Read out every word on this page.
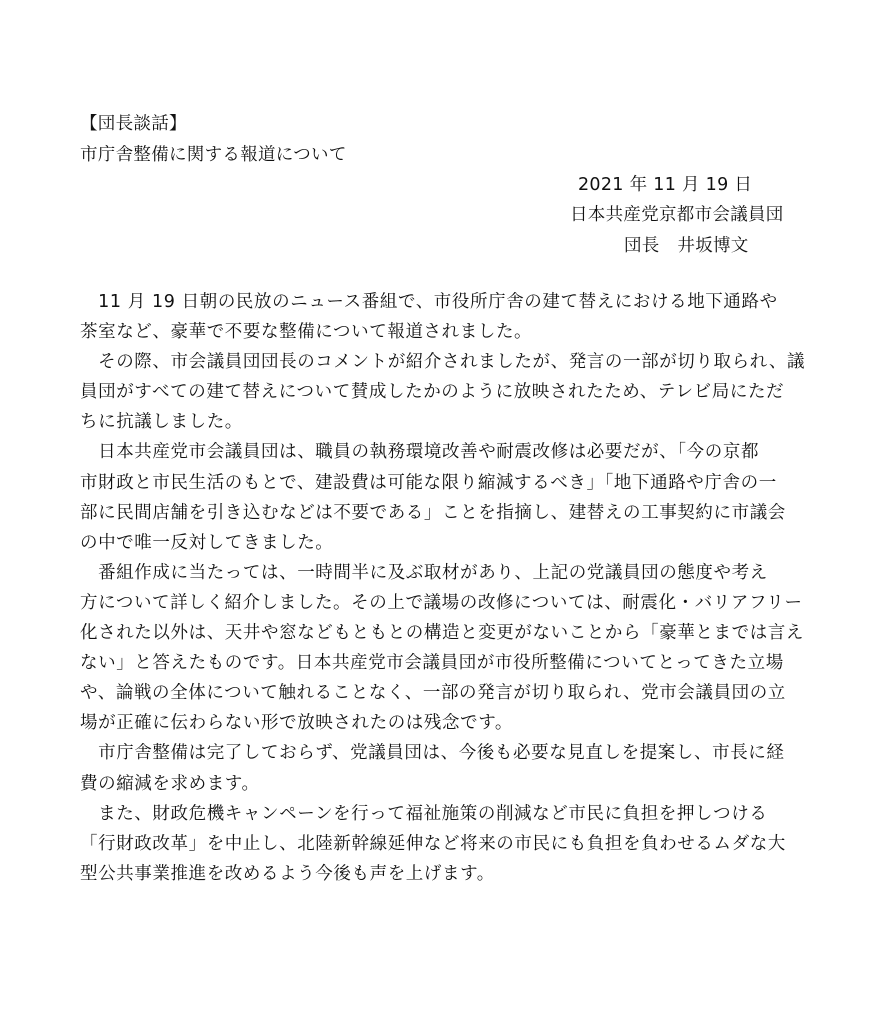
【団長談話】
市庁舎整備に関する報道について
2021 年 11 月 19 日
日本共産党京都市会議員団
団長　井坂博文
　11 月 19 日朝の民放のニュース番組で、市役所庁舎の建て替えにおける地下通路や
茶室など、豪華で不要な整備について報道されました。
　その際、市会議員団団長のコメントが紹介されましたが、発言の一部が切り取られ、議
員団がすべての建て替えについて賛成したかのように放映されたため、テレビ局にただ
ちに抗議しました。
　日本共産党市会議員団は、職員の執務環境改善や耐震改修は必要だが、「今の京都
市財政と市民生活のもとで、建設費は可能な限り縮減するべき」「地下通路や庁舎の一
部に民間店舗を引き込むなどは不要である」ことを指摘し、建替えの工事契約に市議会
の中で唯一反対してきました。
　番組作成に当たっては、一時間半に及ぶ取材があり、上記の党議員団の態度や考え
方について詳しく紹介しました。その上で議場の改修については、耐震化・バリアフリー
化された以外は、天井や窓などもともとの構造と変更がないことから「豪華とまでは言え
ない」と答えたものです。日本共産党市会議員団が市役所整備についてとってきた立場
や、論戦の全体について触れることなく、一部の発言が切り取られ、党市会議員団の立
場が正確に伝わらない形で放映されたのは残念です。
　市庁舎整備は完了しておらず、党議員団は、今後も必要な見直しを提案し、市長に経
費の縮減を求めます。
　また、財政危機キャンペーンを行って福祉施策の削減など市民に負担を押しつける
「行財政改革」を中止し、北陸新幹線延伸など将来の市民にも負担を負わせるムダな大
型公共事業推進を改めるよう今後も声を上げます。
